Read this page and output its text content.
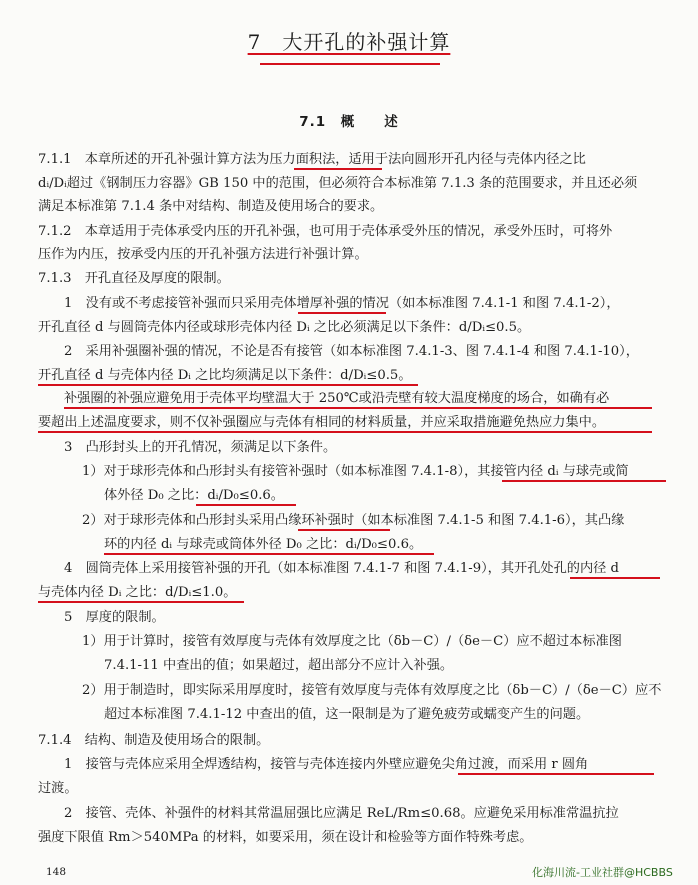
7　大开孔的补强计算
7.1　概　　述
7.1.1　本章所述的开孔补强计算方法为压力面积法，适用于法向圆形开孔内径与壳体内径之比
dᵢ/Dᵢ超过《钢制压力容器》GB 150 中的范围，但必须符合本标准第 7.1.3 条的范围要求，并且还必须
满足本标准第 7.1.4 条中对结构、制造及使用场合的要求。
7.1.2　本章适用于壳体承受内压的开孔补强，也可用于壳体承受外压的情况，承受外压时，可将外
压作为内压，按承受内压的开孔补强方法进行补强计算。
7.1.3　开孔直径及厚度的限制。
1　没有或不考虑接管补强而只采用壳体增厚补强的情况（如本标准图 7.4.1-1 和图 7.4.1-2），
开孔直径 d 与圆筒壳体内径或球形壳体内径 Dᵢ 之比必须满足以下条件：d/Dᵢ≤0.5。
2　采用补强圈补强的情况，不论是否有接管（如本标准图 7.4.1-3、图 7.4.1-4 和图 7.4.1-10），
开孔直径 d 与壳体内径 Dᵢ 之比均须满足以下条件：d/Dᵢ≤0.5。
补强圈的补强应避免用于壳体平均壁温大于 250℃或沿壳壁有较大温度梯度的场合，如确有必
要超出上述温度要求，则不仅补强圈应与壳体有相同的材料质量，并应采取措施避免热应力集中。
3　凸形封头上的开孔情况，须满足以下条件。
1）对于球形壳体和凸形封头有接管补强时（如本标准图 7.4.1-8），其接管内径 dᵢ 与球壳或简
体外径 D₀ 之比：dᵢ/D₀≤0.6。
2）对于球形壳体和凸形封头采用凸缘环补强时（如本标准图 7.4.1-5 和图 7.4.1-6），其凸缘
环的内径 dᵢ 与球壳或筒体外径 D₀ 之比：dᵢ/D₀≤0.6。
4　圆筒壳体上采用接管补强的开孔（如本标准图 7.4.1-7 和图 7.4.1-9），其开孔处孔的内径 d
与壳体内径 Dᵢ 之比：d/Dᵢ≤1.0。
5　厚度的限制。
1）用于计算时，接管有效厚度与壳体有效厚度之比（δb－C）/（δe－C）应不超过本标准图
7.4.1-11 中查出的值；如果超过，超出部分不应计入补强。
2）用于制造时，即实际采用厚度时，接管有效厚度与壳体有效厚度之比（δb－C）/（δe－C）应不
超过本标准图 7.4.1-12 中查出的值，这一限制是为了避免疲劳或蠕变产生的问题。
7.1.4　结构、制造及使用场合的限制。
1　接管与壳体应采用全焊透结构，接管与壳体连接内外壁应避免尖角过渡，而采用 r 圆角
过渡。
2　接管、壳体、补强件的材料其常温屈强比应满足 ReL/Rm≤0.68。应避免采用标准常温抗拉
强度下限值 Rm＞540MPa 的材料，如要采用，须在设计和检验等方面作特殊考虑。
148	化海川流-工业社群@HCBBS
